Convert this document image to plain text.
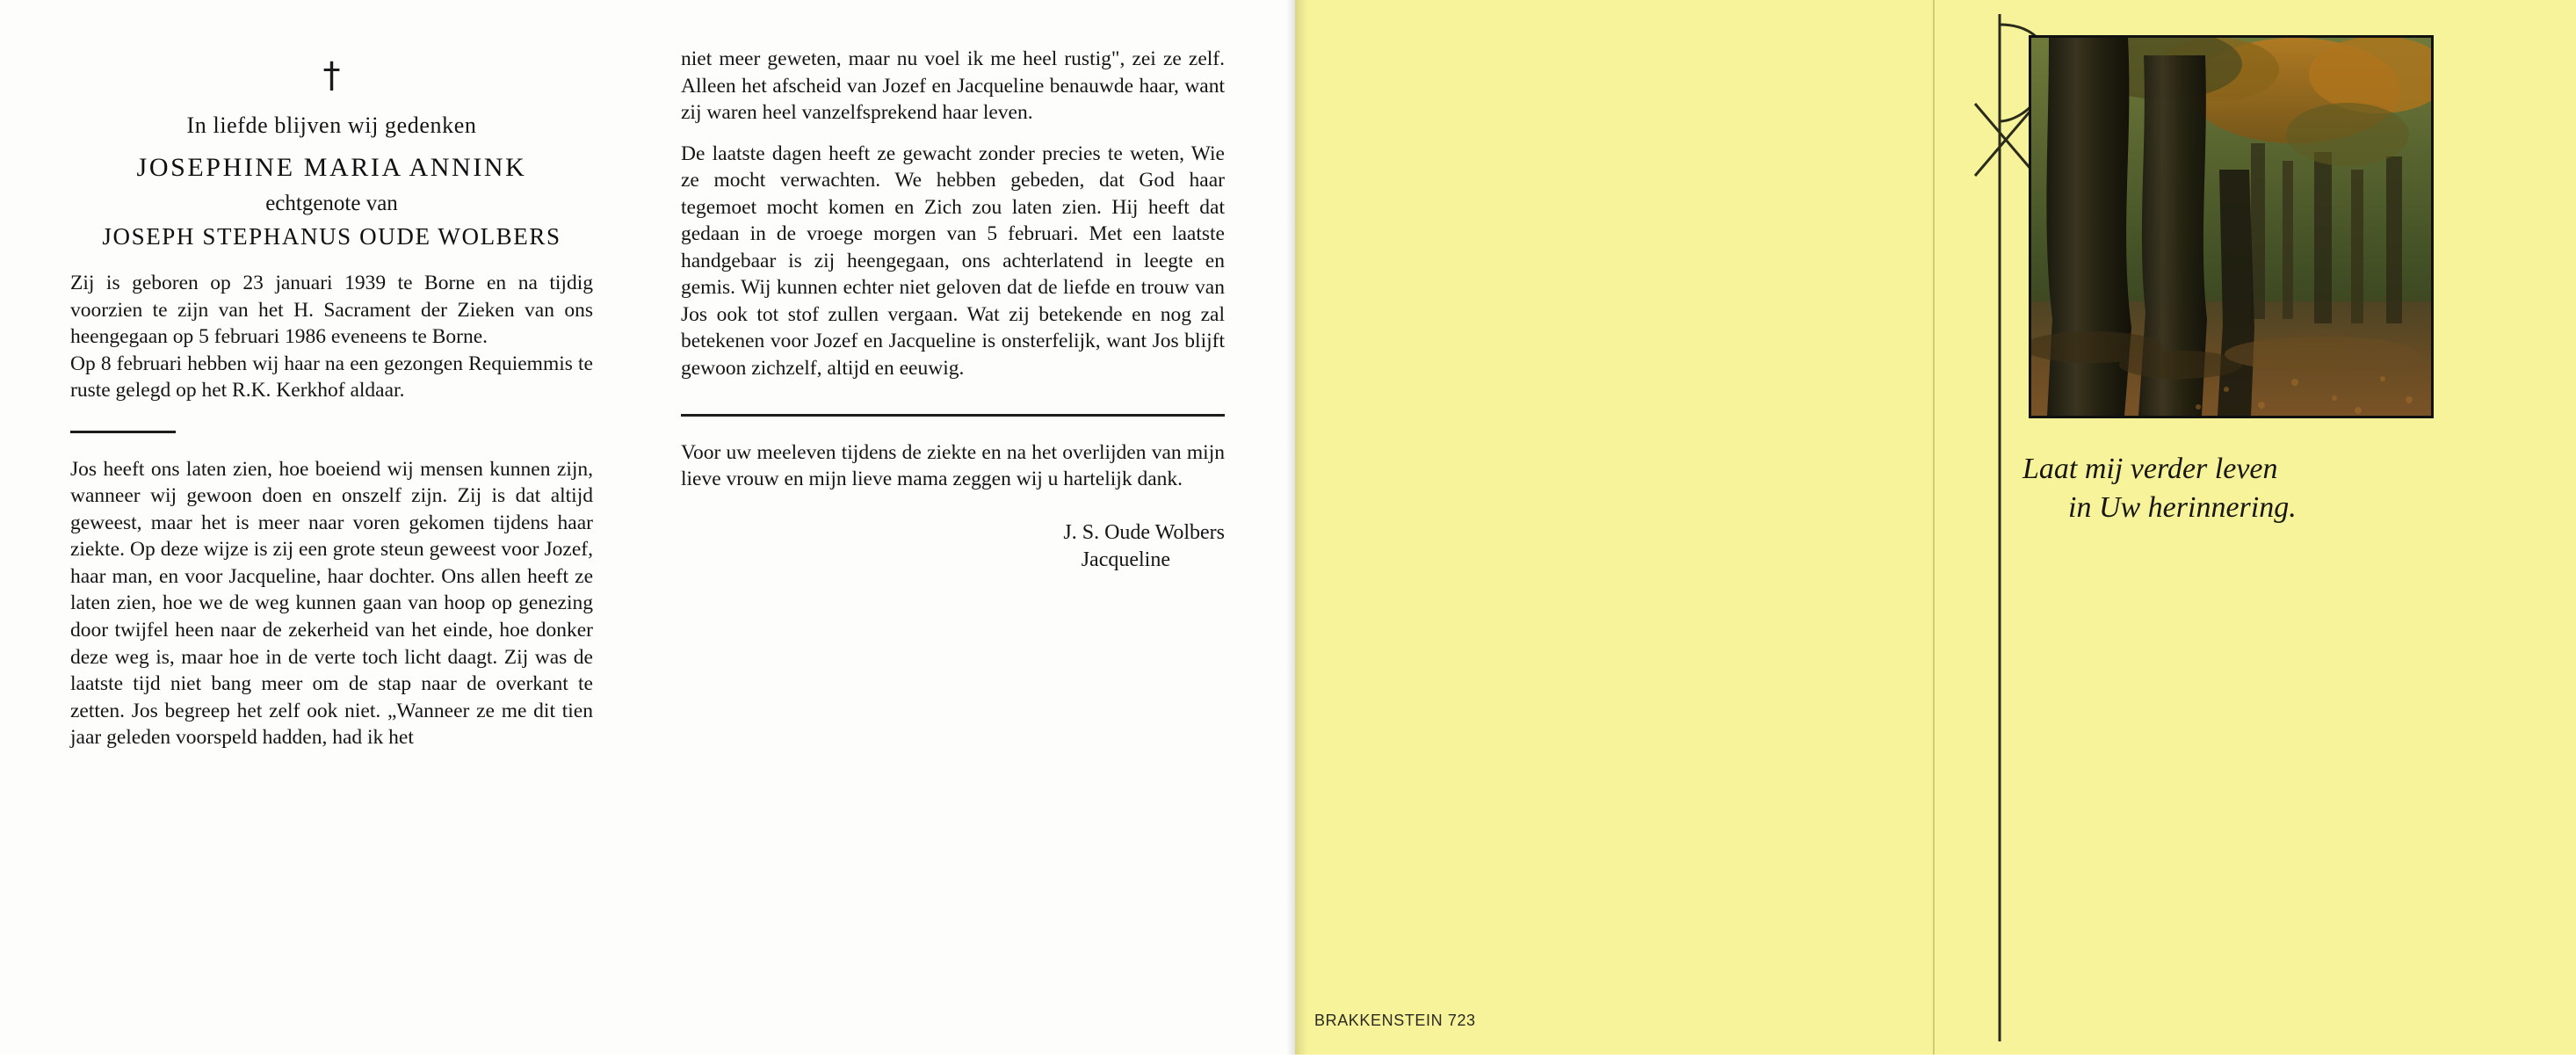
†
In liefde blijven wij gedenken
JOSEPHINE MARIA ANNINK
echtgenote van
JOSEPH STEPHANUS OUDE WOLBERS
Zij is geboren op 23 januari 1939 te Borne en na tijdig voorzien te zijn van het H. Sacrament der Zieken van ons heengegaan op 5 februari 1986 eveneens te Borne.
Op 8 februari hebben wij haar na een gezongen Requiemmis te ruste gelegd op het R.K. Kerkhof aldaar.
Jos heeft ons laten zien, hoe boeiend wij mensen kunnen zijn, wanneer wij gewoon doen en onszelf zijn. Zij is dat altijd geweest, maar het is meer naar voren gekomen tijdens haar ziekte. Op deze wijze is zij een grote steun geweest voor Jozef, haar man, en voor Jacqueline, haar dochter. Ons allen heeft ze laten zien, hoe we de weg kunnen gaan van hoop op genezing door twijfel heen naar de zekerheid van het einde, hoe donker deze weg is, maar hoe in de verte toch licht daagt. Zij was de laatste tijd niet bang meer om de stap naar de overkant te zetten. Jos begreep het zelf ook niet. „Wanneer ze me dit tien jaar geleden voorspeld hadden, had ik het
niet meer geweten, maar nu voel ik me heel rustig", zei ze zelf. Alleen het afscheid van Jozef en Jacqueline benauwde haar, want zij waren heel vanzelfsprekend haar leven.
De laatste dagen heeft ze gewacht zonder precies te weten, Wie ze mocht verwachten. We hebben gebeden, dat God haar tegemoet mocht komen en Zich zou laten zien. Hij heeft dat gedaan in de vroege morgen van 5 februari. Met een laatste handgebaar is zij heengegaan, ons achterlatend in leegte en gemis. Wij kunnen echter niet geloven dat de liefde en trouw van Jos ook tot stof zullen vergaan. Wat zij betekende en nog zal betekenen voor Jozef en Jacqueline is onsterfelijk, want Jos blijft gewoon zichzelf, altijd en eeuwig.
Voor uw meeleven tijdens de ziekte en na het overlijden van mijn lieve vrouw en mijn lieve mama zeggen wij u hartelijk dank.
J. S. Oude Wolbers
Jacqueline
BRAKKENSTEIN 723
Laat mij verder leven
in Uw herinnering.
